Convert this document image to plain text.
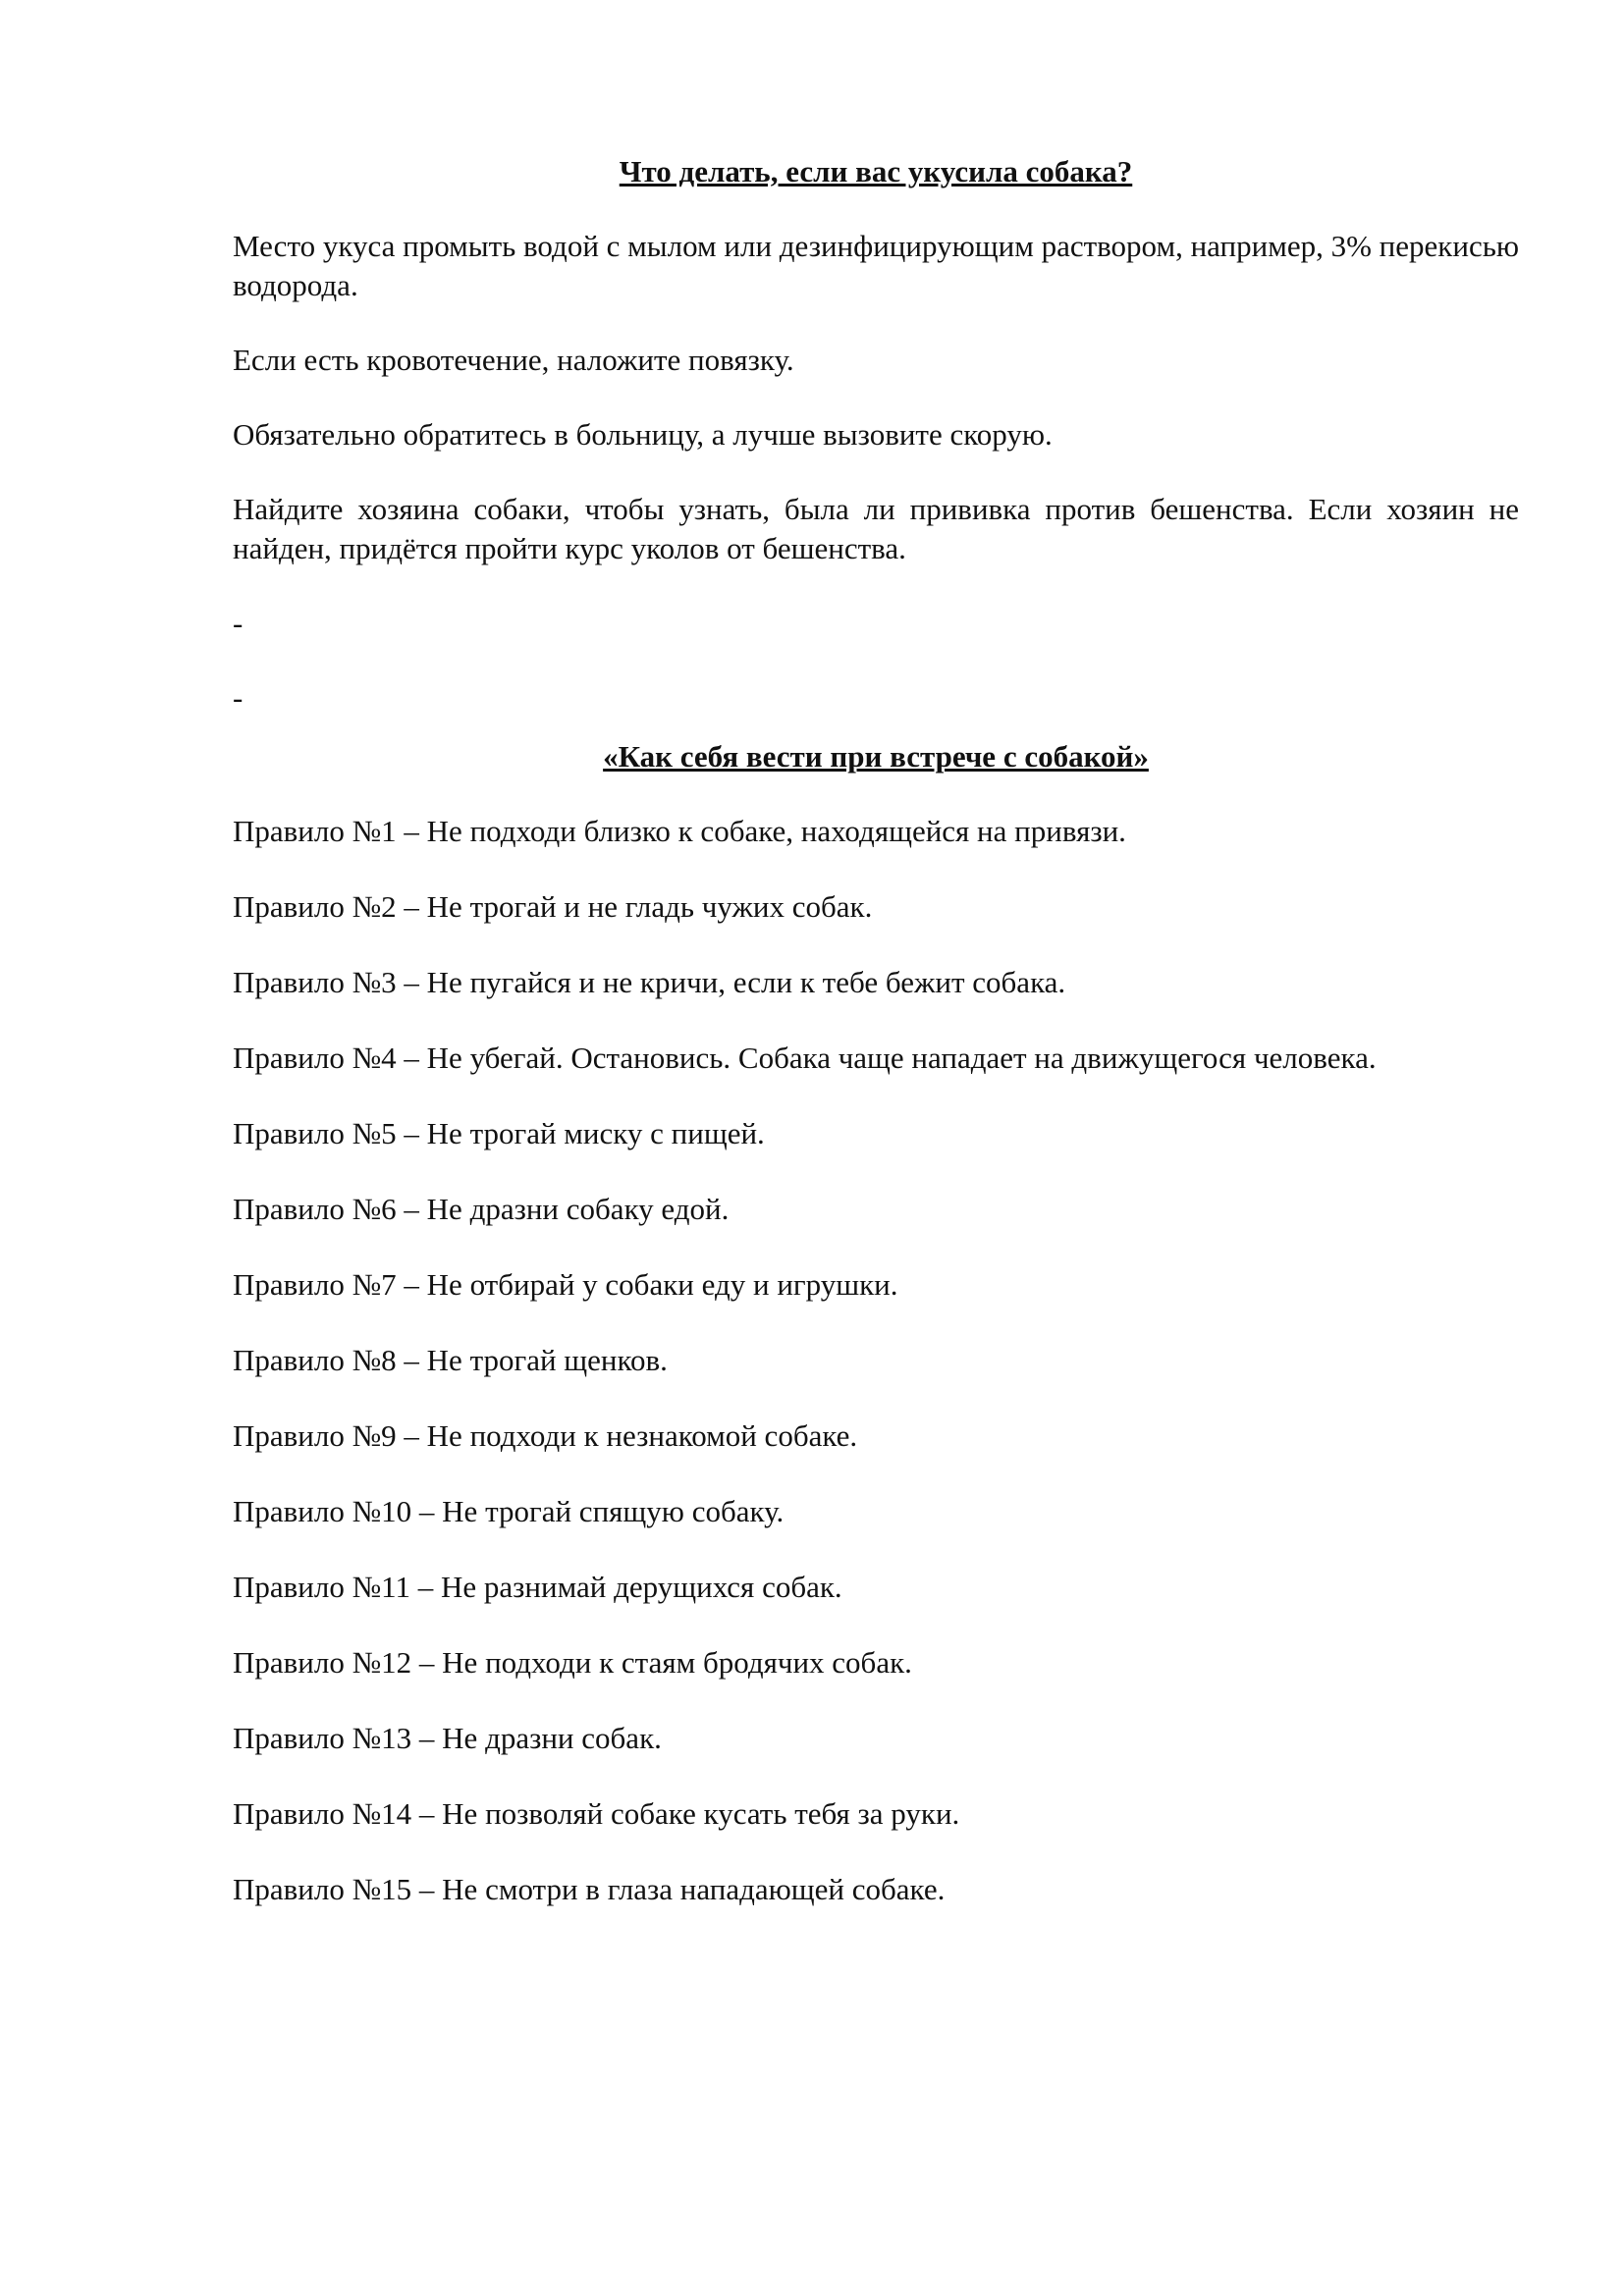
Что делать, если вас укусила собака?

Место укуса промыть водой с мылом или дезинфицирующим раствором, например, 3% перекисью водорода.

Если есть кровотечение, наложите повязку.

Обязательно обратитесь в больницу, а лучше вызовите скорую.

Найдите хозяина собаки, чтобы узнать, была ли прививка против бешенства. Если хозяин не найден, придётся пройти курс уколов от бешенства.

-

-

«Как себя вести при встрече с собакой»
Правило №1 – Не подходи близко к собаке, находящейся на привязи.
Правило №2 – Не трогай и не гладь чужих собак.
Правило №3 – Не пугайся и не кричи, если к тебе бежит собака.
Правило №4 – Не убегай. Остановись. Собака чаще нападает на движущегося человека.
Правило №5 – Не трогай миску с пищей.
Правило №6 – Не дразни собаку едой.
Правило №7 – Не отбирай у собаки еду и игрушки.
Правило №8 – Не трогай щенков.
Правило №9 – Не подходи к незнакомой собаке.
Правило №10 – Не трогай спящую собаку.
Правило №11 – Не разнимай дерущихся собак.
Правило №12 – Не подходи к стаям бродячих собак.
Правило №13 – Не дразни собак.
Правило №14 – Не позволяй собаке кусать тебя за руки.
Правило №15 – Не смотри в глаза нападающей собаке.
